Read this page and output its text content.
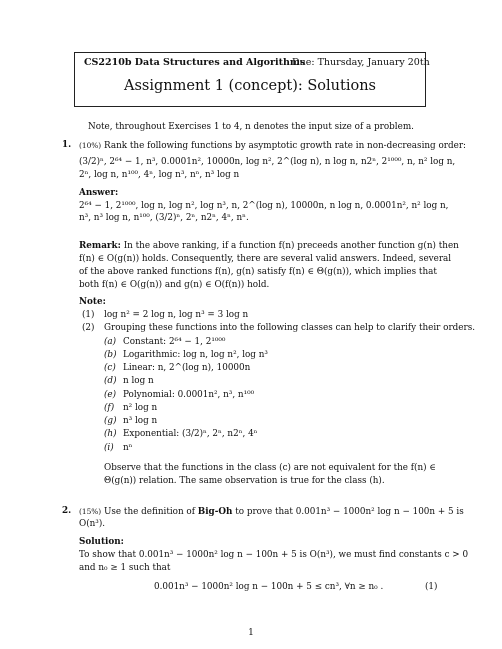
CS2210b Data Structures and Algorithms
Due: Thursday, January 20th
Assignment 1 (concept): Solutions
Note, throughout Exercises 1 to 4, n denotes the input size of a problem.
1. (10%) Rank the following functions by asymptotic growth rate in non-decreasing order:
(3/2)ⁿ, 2⁶⁴ − 1, n³, 0.0001n², 10000n, log n², 2^(log n), n log n, n2ⁿ, 2¹⁰⁰⁰, n, n² log n,
2ⁿ, log n, n¹⁰⁰, 4ⁿ, log n³, nⁿ, n³ log n
Answer:
2⁶⁴ − 1, 2¹⁰⁰⁰, log n, log n², log n³, n, 2^(log n), 10000n, n log n, 0.0001n², n² log n,
n³, n³ log n, n¹⁰⁰, (3/2)ⁿ, 2ⁿ, n2ⁿ, 4ⁿ, nⁿ.
Remark: In the above ranking, if a function f(n) preceeds another function g(n) then
f(n) ∈ O(g(n)) holds. Consequently, there are several valid answers. Indeed, several
of the above ranked functions f(n), g(n) satisfy f(n) ∈ Θ(g(n)), which implies that
both f(n) ∈ O(g(n)) and g(n) ∈ O(f(n)) hold.
Note:
(1) log n² = 2 log n, log n³ = 3 log n
(2) Grouping these functions into the following classes can help to clarify their orders.
(a) Constant: 2⁶⁴ − 1, 2¹⁰⁰⁰
(b) Logarithmic: log n, log n², log n³
(c) Linear: n, 2^(log n), 10000n
(d) n log n
(e) Polynomial: 0.0001n², n³, n¹⁰⁰
(f) n² log n
(g) n³ log n
(h) Exponential: (3/2)ⁿ, 2ⁿ, n2ⁿ, 4ⁿ
(i) nⁿ
Observe that the functions in the class (c) are not equivalent for the f(n) ∈
Θ(g(n)) relation. The same observation is true for the class (h).
2. (15%) Use the definition of Big-Oh to prove that 0.001n³ − 1000n² log n − 100n + 5 is
O(n³).
Solution:
To show that 0.001n³ − 1000n² log n − 100n + 5 is O(n³), we must find constants c > 0
and n₀ ≥ 1 such that
0.001n³ − 1000n² log n − 100n + 5 ≤ cn³, ∀n ≥ n₀ .	(1)
1
